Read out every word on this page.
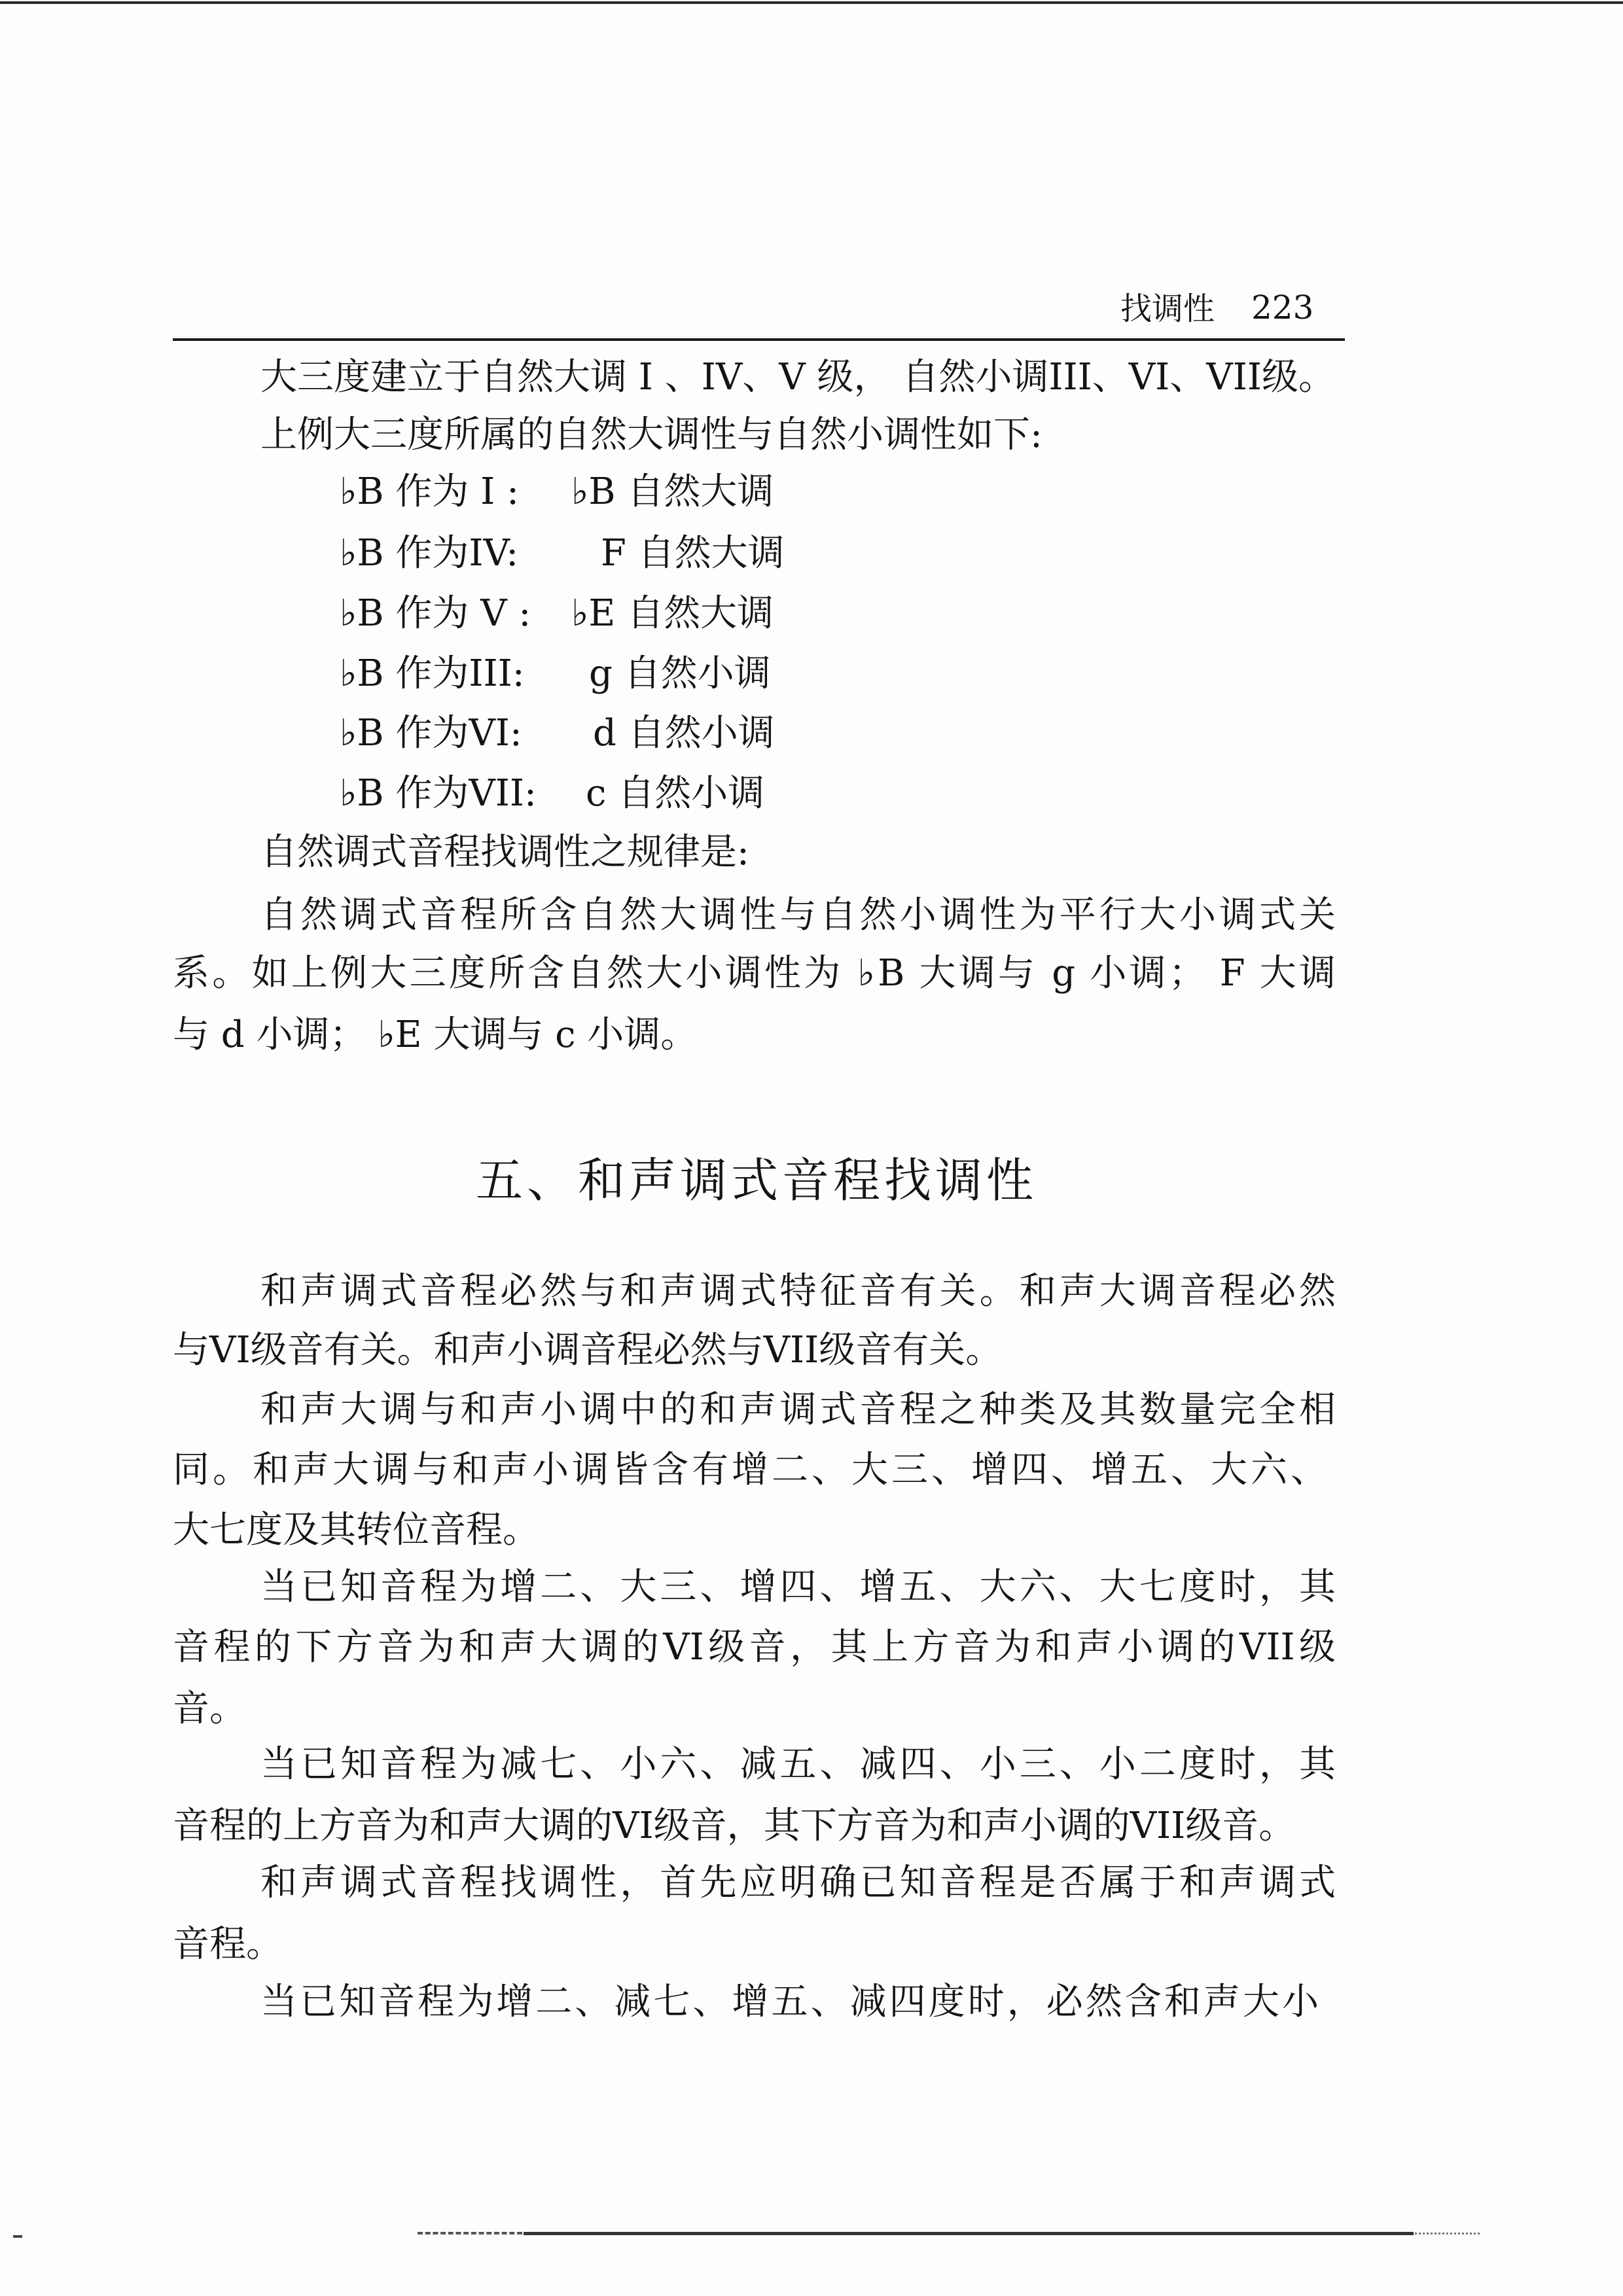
找调性 223
大三度建立于自然大调 I 、IV、V 级， 自然小调III、VI、VII级。
上例大三度所属的自然大调性与自然小调性如下:
♭B 作为 I : ♭B 自然大调
♭B 作为IV: F 自然大调
♭B 作为 V : ♭E 自然大调
♭B 作为III: g 自然小调
♭B 作为VI: d 自然小调
♭B 作为VII: c 自然小调
自然调式音程找调性之规律是:
自然调式音程所含自然大调性与自然小调性为平行大小调式关
系。如上例大三度所含自然大小调性为 ♭B 大调与 g 小调； F 大调
与 d 小调； ♭E 大调与 c 小调。
五、和声调式音程找调性
和声调式音程必然与和声调式特征音有关。和声大调音程必然
与VI级音有关。和声小调音程必然与VII级音有关。
和声大调与和声小调中的和声调式音程之种类及其数量完全相
同。和声大调与和声小调皆含有增二、大三、增四、增五、大六、
大七度及其转位音程。
当已知音程为增二、大三、增四、增五、大六、大七度时，其
音程的下方音为和声大调的VI级音，其上方音为和声小调的VII级
音。
当已知音程为减七、小六、减五、减四、小三、小二度时，其
音程的上方音为和声大调的VI级音，其下方音为和声小调的VII级音。
和声调式音程找调性，首先应明确已知音程是否属于和声调式
音程。
当已知音程为增二、减七、增五、减四度时，必然含和声大小
